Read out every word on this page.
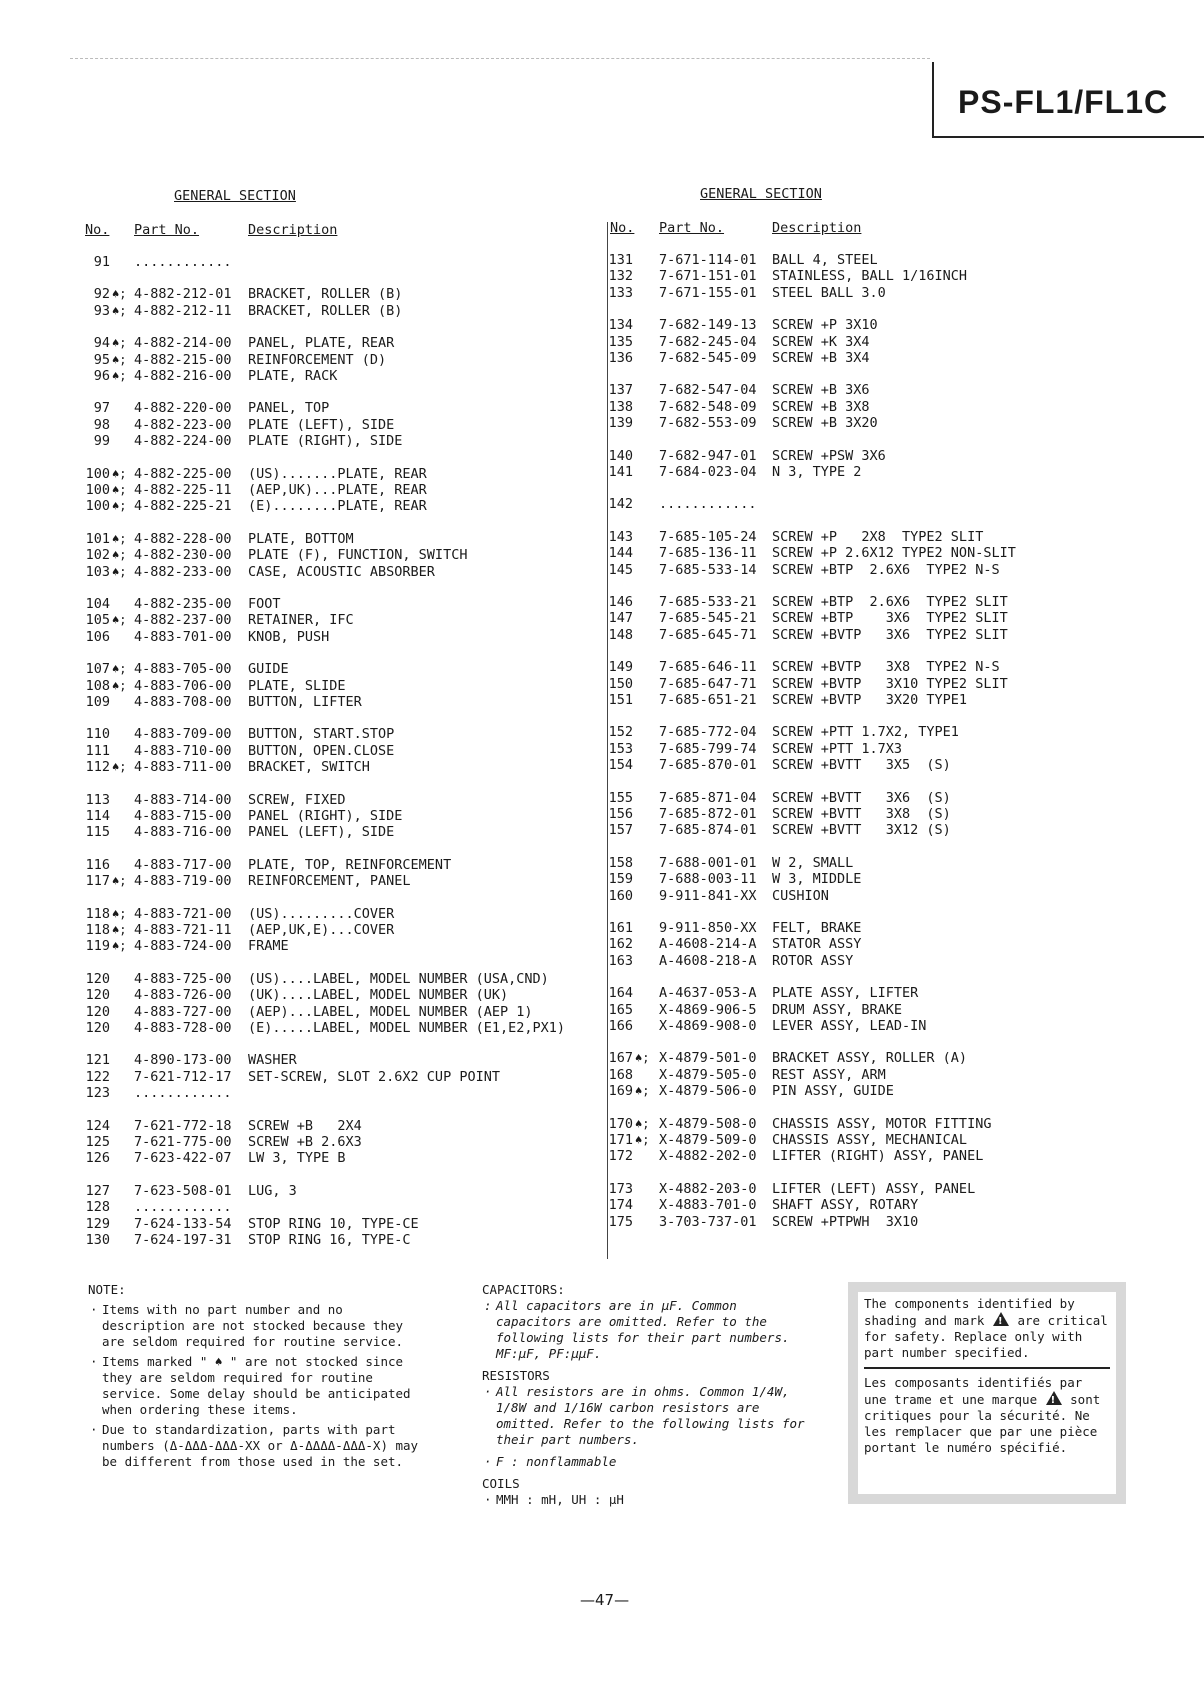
PS-FL1/FL1C
GENERAL SECTION
No. Part No.	Description
91 ............
92 ♠; 4-882-212-01 BRACKET, ROLLER (B)
93 ♠; 4-882-212-11 BRACKET, ROLLER (B)
94 ♠; 4-882-214-00 PANEL, PLATE, REAR
95 ♠; 4-882-215-00 REINFORCEMENT (D)
96 ♠; 4-882-216-00 PLATE, RACK
97 4-882-220-00 PANEL, TOP
98 4-882-223-00 PLATE (LEFT), SIDE
99 4-882-224-00 PLATE (RIGHT), SIDE
100 ♠; 4-882-225-00 (US).......PLATE, REAR
100 ♠; 4-882-225-11 (AEP,UK)...PLATE, REAR
100 ♠; 4-882-225-21 (E)........PLATE, REAR
101 ♠; 4-882-228-00 PLATE, BOTTOM
102 ♠; 4-882-230-00 PLATE (F), FUNCTION, SWITCH
103 ♠; 4-882-233-00 CASE, ACOUSTIC ABSORBER
104 4-882-235-00 FOOT
105 ♠; 4-882-237-00 RETAINER, IFC
106 4-883-701-00 KNOB, PUSH
107 ♠; 4-883-705-00 GUIDE
108 ♠; 4-883-706-00 PLATE, SLIDE
109 4-883-708-00 BUTTON, LIFTER
110 4-883-709-00 BUTTON, START.STOP
111 4-883-710-00 BUTTON, OPEN.CLOSE
112 ♠; 4-883-711-00 BRACKET, SWITCH
113 4-883-714-00 SCREW, FIXED
114 4-883-715-00 PANEL (RIGHT), SIDE
115 4-883-716-00 PANEL (LEFT), SIDE
116 4-883-717-00 PLATE, TOP, REINFORCEMENT
117 ♠; 4-883-719-00 REINFORCEMENT, PANEL
118 ♠; 4-883-721-00 (US).........COVER
118 ♠; 4-883-721-11 (AEP,UK,E)...COVER
119 ♠; 4-883-724-00 FRAME
120 4-883-725-00 (US)....LABEL, MODEL NUMBER (USA,CND)
120 4-883-726-00 (UK)....LABEL, MODEL NUMBER (UK)
120 4-883-727-00 (AEP)...LABEL, MODEL NUMBER (AEP 1)
120 4-883-728-00 (E).....LABEL, MODEL NUMBER (E1,E2,PX1)
121 4-890-173-00 WASHER
122 7-621-712-17 SET-SCREW, SLOT 2.6X2 CUP POINT
123 ............
124 7-621-772-18 SCREW +B   2X4
125 7-621-775-00 SCREW +B 2.6X3
126 7-623-422-07 LW 3, TYPE B
127 7-623-508-01 LUG, 3
128 ............
129 7-624-133-54 STOP RING 10, TYPE-CE
130 7-624-197-31 STOP RING 16, TYPE-C
GENERAL SECTION
No. Part No.	Description
131 7-671-114-01 BALL 4, STEEL
132 7-671-151-01 STAINLESS, BALL 1/16INCH
133 7-671-155-01 STEEL BALL 3.0
134 7-682-149-13 SCREW +P 3X10
135 7-682-245-04 SCREW +K 3X4
136 7-682-545-09 SCREW +B 3X4
137 7-682-547-04 SCREW +B 3X6
138 7-682-548-09 SCREW +B 3X8
139 7-682-553-09 SCREW +B 3X20
140 7-682-947-01 SCREW +PSW 3X6
141 7-684-023-04 N 3, TYPE 2
142 ............
143 7-685-105-24 SCREW +P   2X8  TYPE2 SLIT
144 7-685-136-11 SCREW +P 2.6X12 TYPE2 NON-SLIT
145 7-685-533-14 SCREW +BTP  2.6X6  TYPE2 N-S
146 7-685-533-21 SCREW +BTP  2.6X6  TYPE2 SLIT
147 7-685-545-21 SCREW +BTP    3X6  TYPE2 SLIT
148 7-685-645-71 SCREW +BVTP   3X6  TYPE2 SLIT
149 7-685-646-11 SCREW +BVTP   3X8  TYPE2 N-S
150 7-685-647-71 SCREW +BVTP   3X10 TYPE2 SLIT
151 7-685-651-21 SCREW +BVTP   3X20 TYPE1
152 7-685-772-04 SCREW +PTT 1.7X2, TYPE1
153 7-685-799-74 SCREW +PTT 1.7X3
154 7-685-870-01 SCREW +BVTT   3X5  (S)
155 7-685-871-04 SCREW +BVTT   3X6  (S)
156 7-685-872-01 SCREW +BVTT   3X8  (S)
157 7-685-874-01 SCREW +BVTT   3X12 (S)
158 7-688-001-01 W 2, SMALL
159 7-688-003-11 W 3, MIDDLE
160 9-911-841-XX CUSHION
161 9-911-850-XX FELT, BRAKE
162 A-4608-214-A STATOR ASSY
163 A-4608-218-A ROTOR ASSY
164 A-4637-053-A PLATE ASSY, LIFTER
165 X-4869-906-5 DRUM ASSY, BRAKE
166 X-4869-908-0 LEVER ASSY, LEAD-IN
167 ♠; X-4879-501-0 BRACKET ASSY, ROLLER (A)
168 X-4879-505-0 REST ASSY, ARM
169 ♠; X-4879-506-0 PIN ASSY, GUIDE
170 ♠; X-4879-508-0 CHASSIS ASSY, MOTOR FITTING
171 ♠; X-4879-509-0 CHASSIS ASSY, MECHANICAL
172 X-4882-202-0 LIFTER (RIGHT) ASSY, PANEL
173 X-4882-203-0 LIFTER (LEFT) ASSY, PANEL
174 X-4883-701-0 SHAFT ASSY, ROTARY
175 3-703-737-01 SCREW +PTPWH  3X10
NOTE:
· Items with no part number and no description are not stocked because they are seldom required for routine service.
· Items marked " ♠ " are not stocked since they are seldom required for routine service. Some delay should be anticipated when ordering these items.
· Due to standardization, parts with part numbers (Δ-ΔΔΔ-ΔΔΔ-XX or Δ-ΔΔΔΔ-ΔΔΔ-X) may be different from those used in the set.
CAPACITORS:
: All capacitors are in μF. Common capacitors are omitted. Refer to the following lists for their part numbers. MF:μF, PF:μμF.
RESISTORS
· All resistors are in ohms. Common 1/4W, 1/8W and 1/16W carbon resistors are omitted. Refer to the following lists for their part numbers.
· F : nonflammable
COILS
· MMH : mH, UH : μH
The components identified by shading and mark !	are critical for safety. Replace only with part number specified.
Les composants identifiés par une trame et une marque !	sont critiques pour la sécurité. Ne les remplacer que par une pièce portant le numéro spécifié.
—47—
